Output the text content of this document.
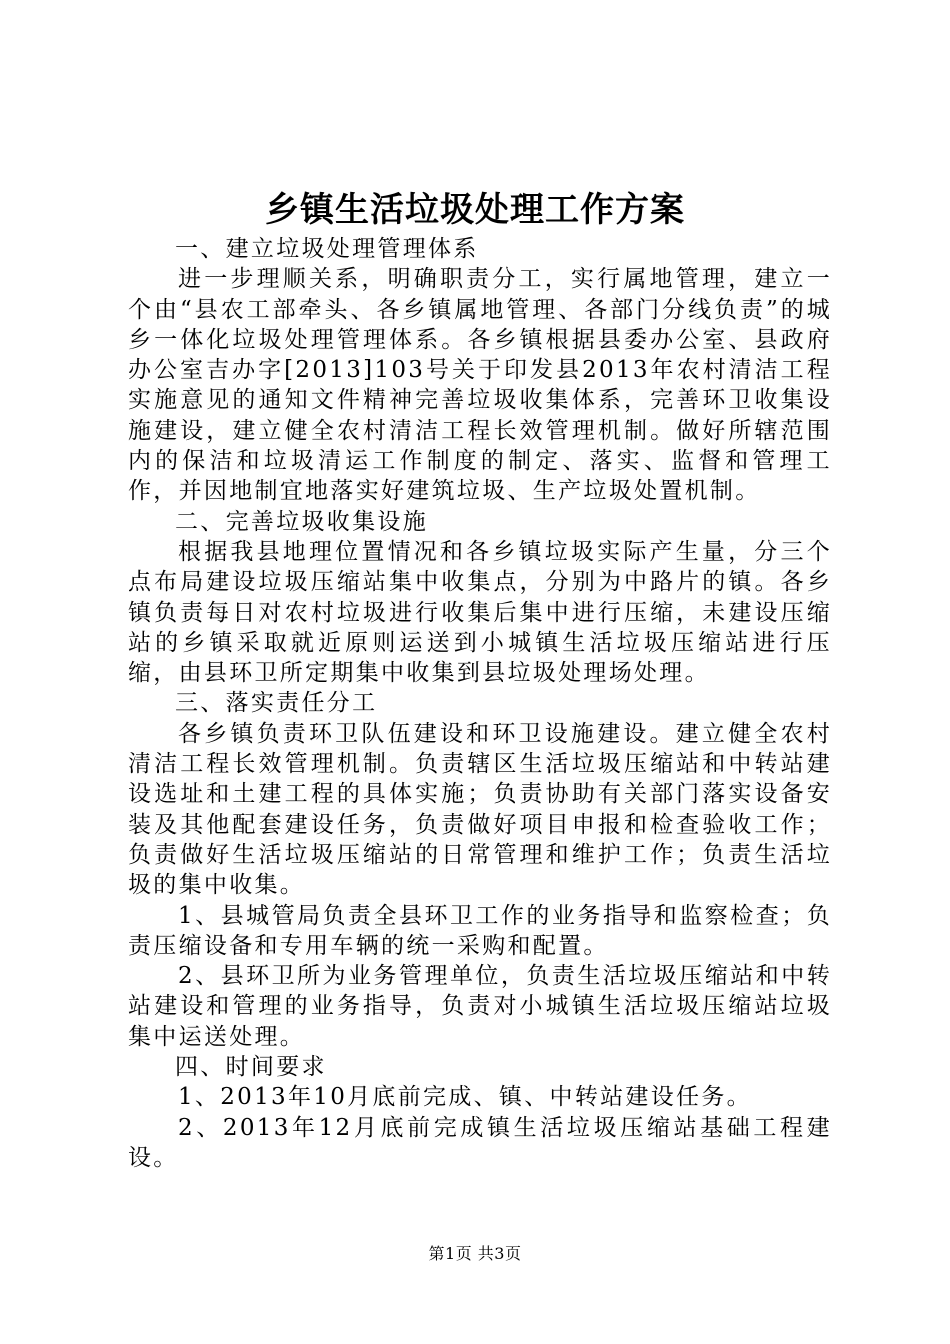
乡镇生活垃圾处理工作方案

一、建立垃圾处理管理体系

进一步理顺关系，明确职责分工，实行属地管理，建立一个由“县农工部牵头、各乡镇属地管理、各部门分线负责”的城乡一体化垃圾处理管理体系。各乡镇根据县委办公室、县政府办公室吉办字[2013]103号关于印发县2013年农村清洁工程实施意见的通知文件精神完善垃圾收集体系，完善环卫收集设施建设，建立健全农村清洁工程长效管理机制。做好所辖范围内的保洁和垃圾清运工作制度的制定、落实、监督和管理工作，并因地制宜地落实好建筑垃圾、生产垃圾处置机制。

二、完善垃圾收集设施

根据我县地理位置情况和各乡镇垃圾实际产生量，分三个点布局建设垃圾压缩站集中收集点，分别为中路片的镇。各乡镇负责每日对农村垃圾进行收集后集中进行压缩，未建设压缩站的乡镇采取就近原则运送到小城镇生活垃圾压缩站进行压缩，由县环卫所定期集中收集到县垃圾处理场处理。

三、落实责任分工

各乡镇负责环卫队伍建设和环卫设施建设。建立健全农村清洁工程长效管理机制。负责辖区生活垃圾压缩站和中转站建设选址和土建工程的具体实施；负责协助有关部门落实设备安装及其他配套建设任务，负责做好项目申报和检查验收工作；负责做好生活垃圾压缩站的日常管理和维护工作；负责生活垃圾的集中收集。

1、县城管局负责全县环卫工作的业务指导和监察检查；负责压缩设备和专用车辆的统一采购和配置。

2、县环卫所为业务管理单位，负责生活垃圾压缩站和中转站建设和管理的业务指导，负责对小城镇生活垃圾压缩站垃圾集中运送处理。

四、时间要求

1、2013年10月底前完成、镇、中转站建设任务。

2、2013年12月底前完成镇生活垃圾压缩站基础工程建设。

第1页 共3页
